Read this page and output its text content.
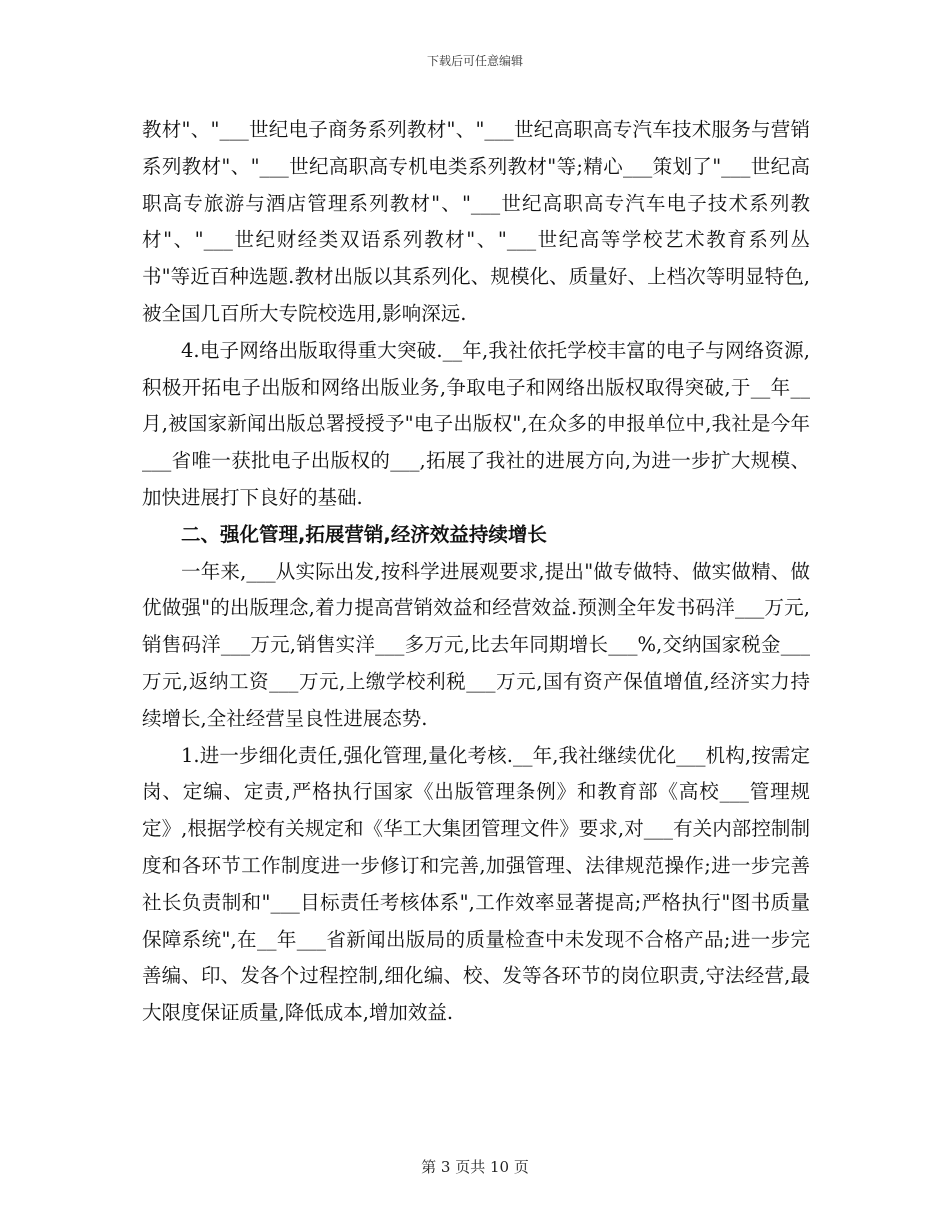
下载后可任意编辑

教材"、"___世纪电子商务系列教材"、"___世纪高职高专汽车技术服务与营销系列教材"、"___世纪高职高专机电类系列教材"等;精心___策划了"___世纪高职高专旅游与酒店管理系列教材"、"___世纪高职高专汽车电子技术系列教材"、"___世纪财经类双语系列教材"、"___世纪高等学校艺术教育系列丛书"等近百种选题.教材出版以其系列化、规模化、质量好、上档次等明显特色,被全国几百所大专院校选用,影响深远.

4.电子网络出版取得重大突破.__年,我社依托学校丰富的电子与网络资源,积极开拓电子出版和网络出版业务,争取电子和网络出版权取得突破,于__年__月,被国家新闻出版总署授授予"电子出版权",在众多的申报单位中,我社是今年___省唯一获批电子出版权的___,拓展了我社的进展方向,为进一步扩大规模、加快进展打下良好的基础.

二、强化管理,拓展营销,经济效益持续增长

一年来,___从实际出发,按科学进展观要求,提出"做专做特、做实做精、做优做强"的出版理念,着力提高营销效益和经营效益.预测全年发书码洋___万元,销售码洋___万元,销售实洋___多万元,比去年同期增长___%,交纳国家税金___万元,返纳工资___万元,上缴学校利税___万元,国有资产保值增值,经济实力持续增长,全社经营呈良性进展态势.

1.进一步细化责任,强化管理,量化考核.__年,我社继续优化___机构,按需定岗、定编、定责,严格执行国家《出版管理条例》和教育部《高校___管理规定》,根据学校有关规定和《华工大集团管理文件》要求,对___有关内部控制制度和各环节工作制度进一步修订和完善,加强管理、法律规范操作;进一步完善社长负责制和"___目标责任考核体系",工作效率显著提高;严格执行"图书质量保障系统",在__年___省新闻出版局的质量检查中未发现不合格产品;进一步完善编、印、发各个过程控制,细化编、校、发等各环节的岗位职责,守法经营,最大限度保证质量,降低成本,增加效益.

第 3 页共 10 页
